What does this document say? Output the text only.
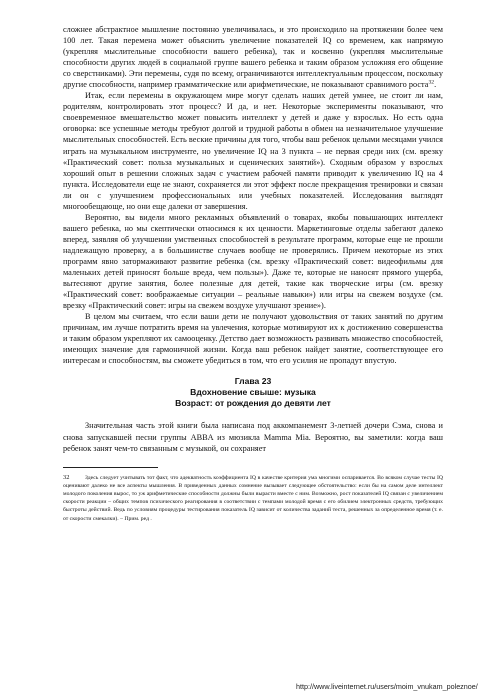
сложнее абстрактное мышление постоянно увеличивалась, и это происходило на протяжении более чем 100 лет. Такая перемена может объяснить увеличение показателей IQ со временем, как напрямую (укрепляя мыслительные способности вашего ребенка), так и косвенно (укрепляя мыслительные способности других людей в социальной группе вашего ребенка и таким образом усложняя его общение со сверстниками). Эти перемены, судя по всему, ограничиваются интеллектуальным процессом, поскольку другие способности, например грамматические или арифметические, не показывают сравнимого роста$^{32}$.

Итак, если перемены в окружающем мире могут сделать наших детей умнее, не стоит ли нам, родителям, контролировать этот процесс? И да, и нет. Некоторые эксперименты показывают, что своевременное вмешательство может повысить интеллект у детей и даже у взрослых. Но есть одна оговорка: все успешные методы требуют долгой и трудной работы в обмен на незначительное улучшение мыслительных способностей. Есть веские причины для того, чтобы ваш ребенок целыми месяцами учился играть на музыкальном инструменте, но увеличение IQ на 3 пункта – не первая среди них (см. врезку «Практический совет: польза музыкальных и сценических занятий»). Сходным образом у взрослых хороший опыт в решении сложных задач с участием рабочей памяти приводит к увеличению IQ на 4 пункта. Исследователи еще не знают, сохраняется ли этот эффект после прекращения тренировки и связан ли он с улучшением профессиональных или учебных показателей. Исследования выглядят многообещающе, но они еще далеки от завершения.

Вероятно, вы видели много рекламных объявлений о товарах, якобы повышающих интеллект вашего ребенка, но мы скептически относимся к их ценности. Маркетинговые отделы забегают далеко вперед, заявляя об улучшении умственных способностей в результате программ, которые еще не прошли надлежащую проверку, а в большинстве случаев вообще не проверялись. Причем некоторые из этих программ явно затормаживают развитие ребенка (см. врезку «Практический совет: видеофильмы для маленьких детей приносят больше вреда, чем пользы»). Даже те, которые не наносят прямого ущерба, вытесняют другие занятия, более полезные для детей, такие как творческие игры (см. врезку «Практический совет: воображаемые ситуации – реальные навыки») или игры на свежем воздухе (см. врезку «Практический совет: игры на свежем воздухе улучшают зрение»).

В целом мы считаем, что если ваши дети не получают удовольствия от таких занятий по другим причинам, им лучше потратить время на увлечения, которые мотивируют их к достижению совершенства и таким образом укрепляют их самооценку. Детство дает возможность развивать множество способностей, имеющих значение для гармоничной жизни. Когда ваш ребенок найдет занятие, соответствующее его интересам и способностям, вы сможете убедиться в том, что его усилия не пропадут впустую.

Глава 23

Вдохновение свыше: музыка

Возраст: от рождения до девяти лет

Значительная часть этой книги была написана под аккомпанемент 3-летней дочери Сэма, снова и снова запускавшей песни группы ABBA из мюзикла Mamma Mia. Вероятно, вы заметили: когда ваш ребенок занят чем-то связанным с музыкой, он сохраняет

32	Здесь следует учитывать тот факт, что адекватность коэффициента IQ в качестве критерия ума многими оспаривается. Во всяком случае тесты IQ оценивают далеко не все аспекты мышления. В приведенных данных сомнение вызывает следующее обстоятельство: если бы на самом деле интеллект молодого поколения вырос, то уж арифметические способности должны были вырасти вместе с ним. Возможно, рост показателей IQ связан с увеличением скорости реакции – общих темпов психического реагирования в соответствии с темпами молодой время с его обилием электронных средств, требующих быстроты действий. Ведь по условиям процедуры тестирования показатель IQ зависит от количества заданий теста, решенных за определенное время (т. е. от скорости смекалки). – Прим. ред .

http://www.liveinternet.ru/users/moim_vnukam_poleznoe/
